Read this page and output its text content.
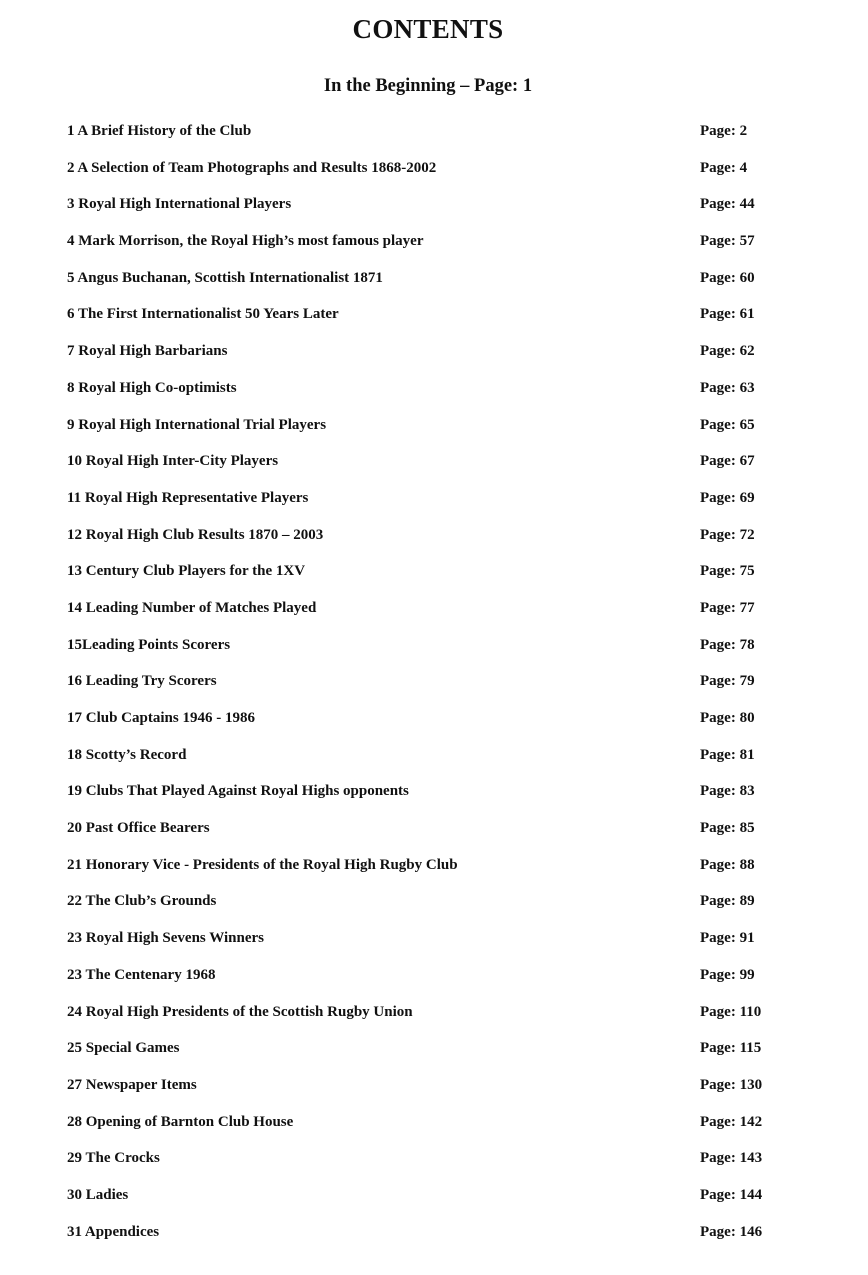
CONTENTS
In the Beginning – Page: 1
1 A Brief History of the Club	Page: 2
2 A Selection of Team Photographs and Results 1868-2002	Page: 4
3 Royal High International Players	Page: 44
4 Mark Morrison, the Royal High’s most famous player	Page: 57
5 Angus Buchanan, Scottish Internationalist 1871	Page: 60
6 The First Internationalist 50 Years Later	Page: 61
7 Royal High Barbarians	Page: 62
8 Royal High Co-optimists	Page: 63
9 Royal High International Trial Players	Page: 65
10 Royal High Inter-City Players	Page: 67
11 Royal High Representative Players	Page: 69
12 Royal High Club Results 1870 – 2003	Page: 72
13 Century Club Players for the 1XV	Page: 75
14 Leading Number of Matches Played	Page: 77
15Leading Points Scorers	Page: 78
16 Leading Try Scorers	Page: 79
17 Club Captains 1946 - 1986	Page: 80
18 Scotty’s Record	Page: 81
19 Clubs That Played Against Royal Highs opponents	Page: 83
20 Past Office Bearers	Page: 85
21 Honorary Vice - Presidents of the Royal High Rugby Club	Page: 88
22 The Club’s Grounds	Page: 89
23 Royal High Sevens Winners	Page: 91
23 The Centenary 1968	Page: 99
24 Royal High Presidents of the Scottish Rugby Union	Page: 110
25 Special Games	Page: 115
27 Newspaper Items	Page: 130
28 Opening of Barnton Club House	Page: 142
29 The Crocks	Page: 143
30 Ladies	Page: 144
31 Appendices	Page: 146
